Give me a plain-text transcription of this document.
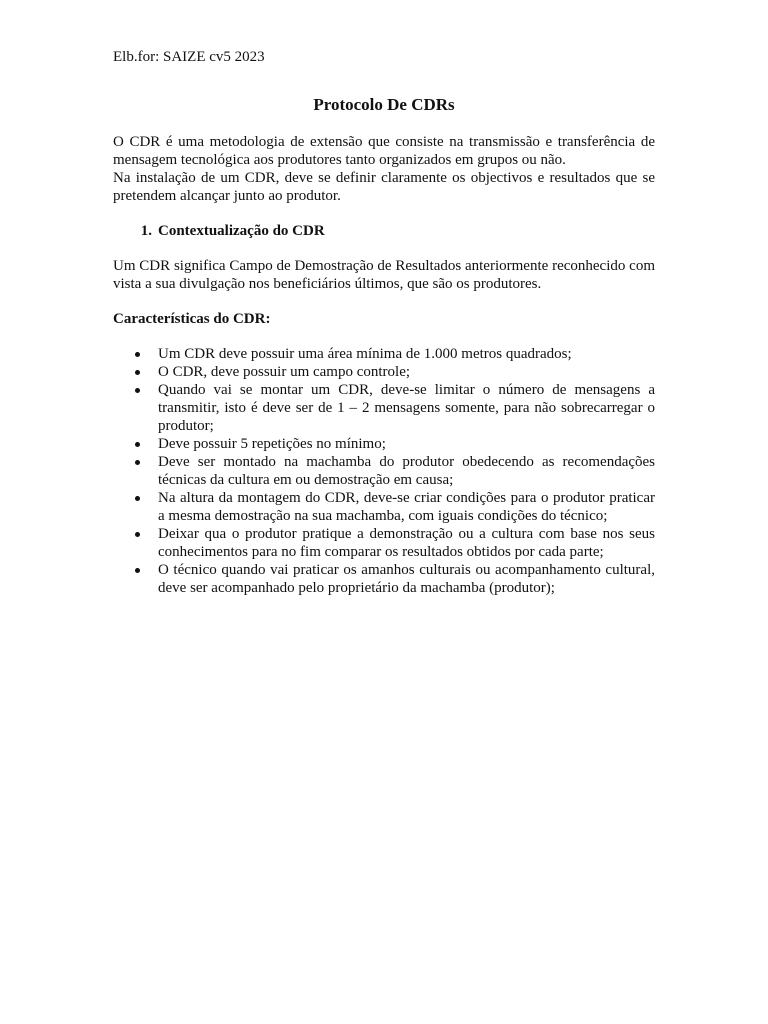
Elb.for: SAIZE cv5 2023
Protocolo De CDRs

O CDR é uma metodologia de extensão que consiste na transmissão e transferência de mensagem tecnológica aos produtores tanto organizados em grupos ou não.

Na instalação de um CDR, deve se definir claramente os objectivos e resultados que se pretendem alcançar junto ao produtor.

1. Contextualização do CDR

Um CDR significa Campo de Demostração de Resultados anteriormente reconhecido com vista a sua divulgação nos beneficiários últimos, que são os produtores.

Características do CDR:
Um CDR deve possuir uma área mínima de 1.000 metros quadrados;
O CDR, deve possuir um campo controle;
Quando vai se montar um CDR, deve-se limitar o número de mensagens a transmitir, isto é deve ser de 1 – 2 mensagens somente, para não sobrecarregar o produtor;
Deve possuir 5 repetições no mínimo;
Deve ser montado na machamba do produtor obedecendo as recomendações técnicas da cultura em ou demostração em causa;
Na altura da montagem do CDR, deve-se criar condições para o produtor praticar a mesma demostração na sua machamba, com iguais condições do técnico;
Deixar qua o produtor pratique a demonstração ou a cultura com base nos seus conhecimentos para no fim comparar os resultados obtidos por cada parte;
O técnico quando vai praticar os amanhos culturais ou acompanhamento cultural, deve ser acompanhado pelo proprietário da machamba (produtor);
